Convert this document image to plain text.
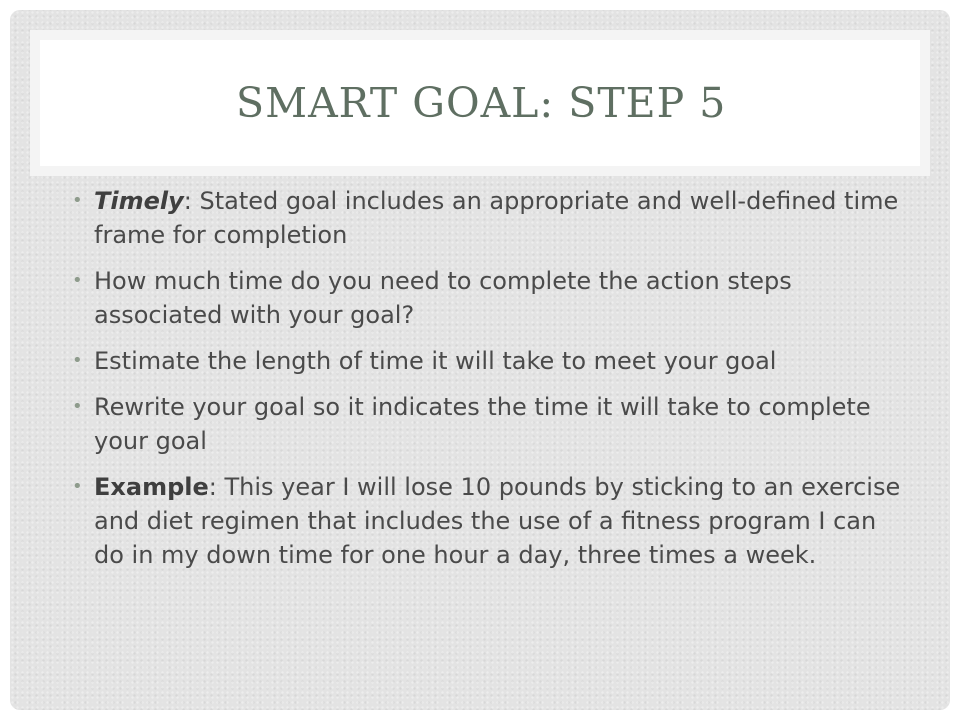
SMART GOAL: STEP 5
• Timely: Stated goal includes an appropriate and well-defined time frame for completion
• How much time do you need to complete the action steps associated with your goal?
• Estimate the length of time it will take to meet your goal
• Rewrite your goal so it indicates the time it will take to complete your goal
• Example: This year I will lose 10 pounds by sticking to an exercise and diet regimen that includes the use of a fitness program I can do in my down time for one hour a day, three times a week.
